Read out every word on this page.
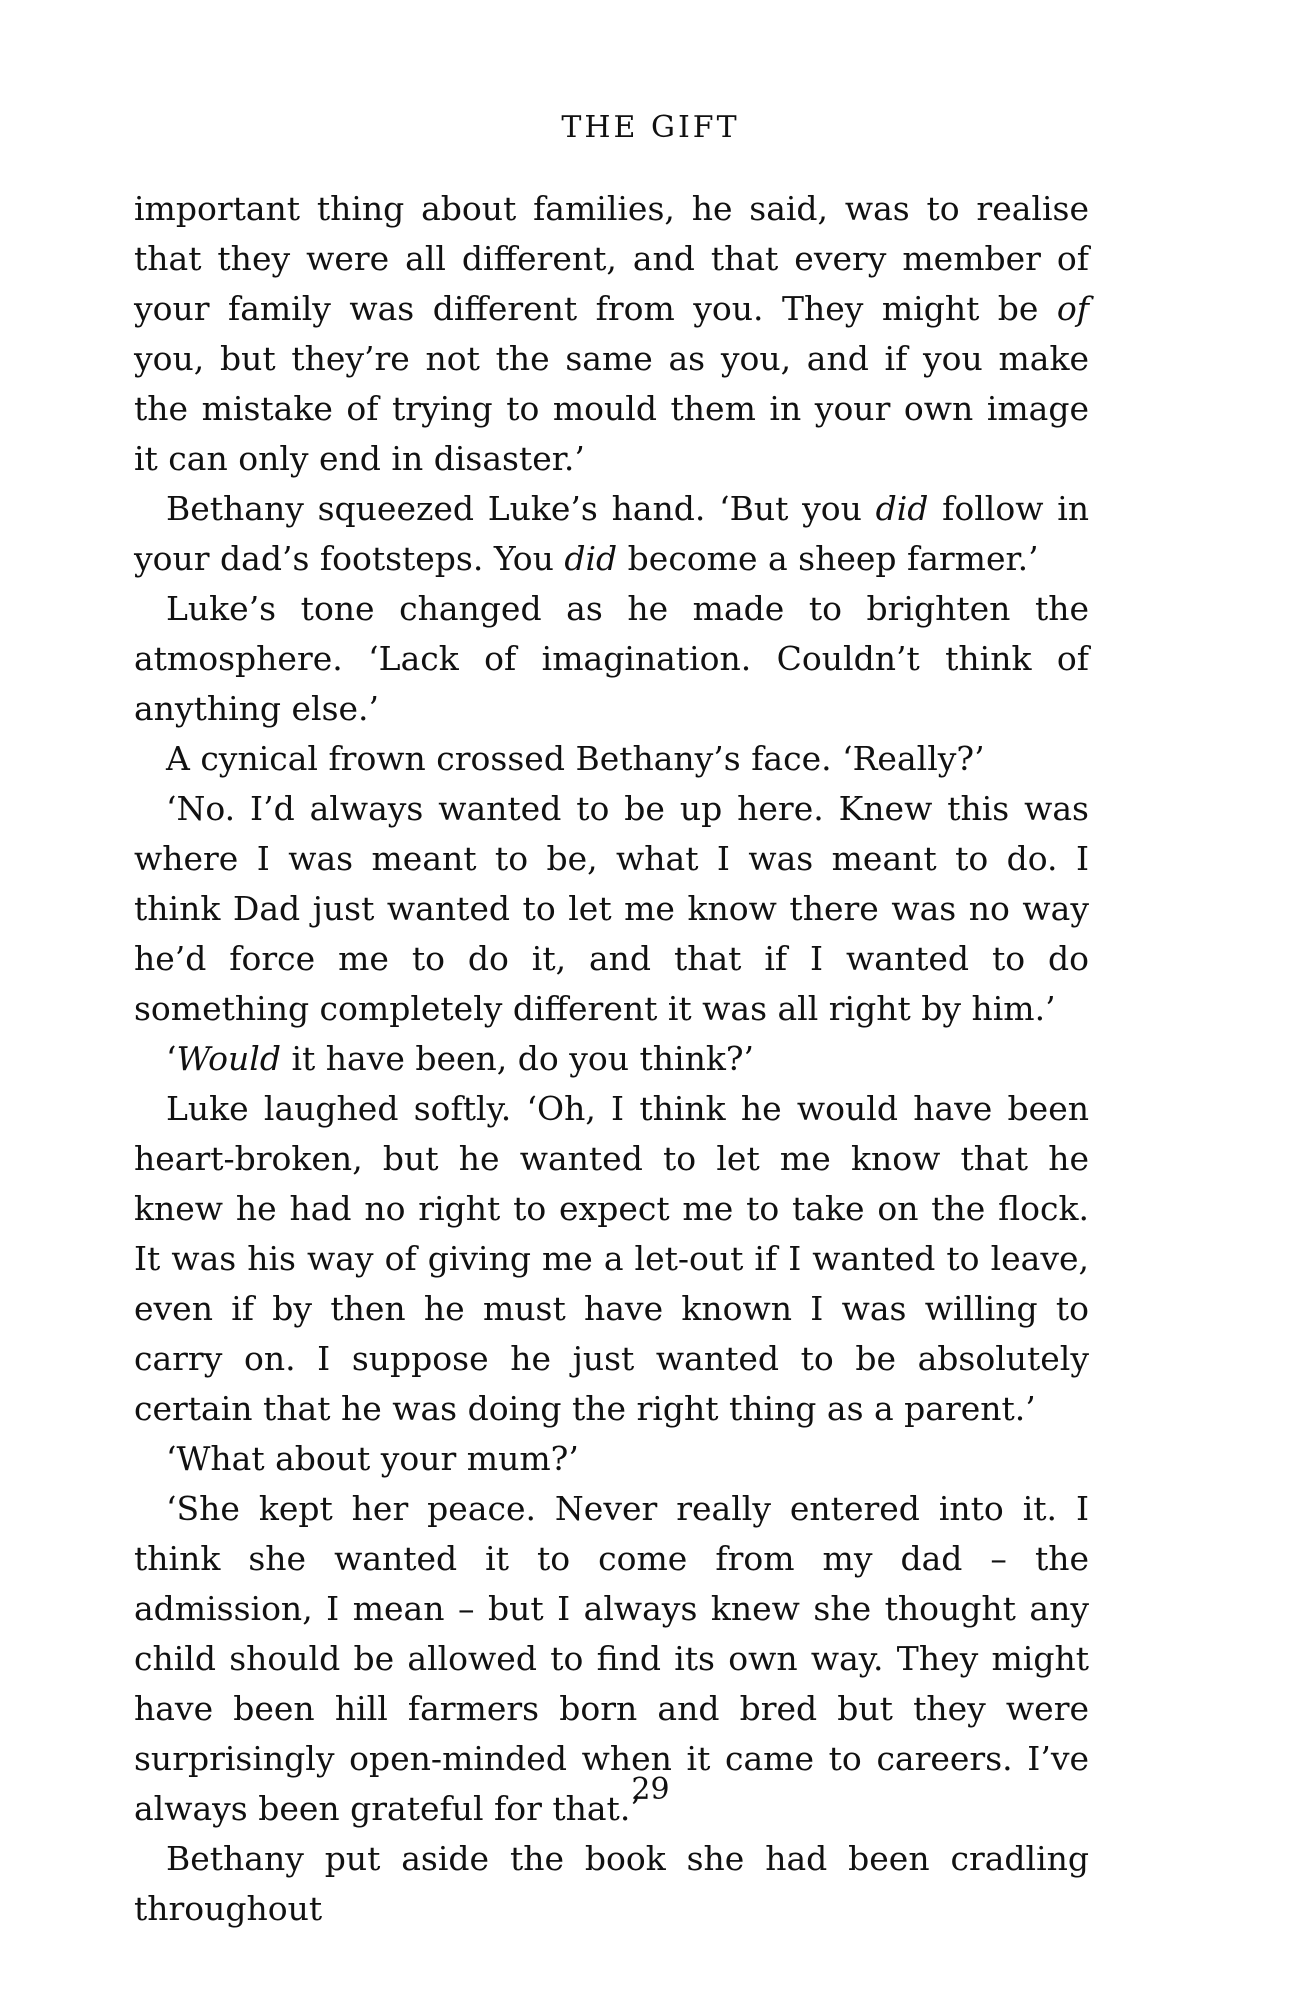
THE GIFT

important thing about families, he said, was to realise that they were all different, and that every member of your family was different from you. They might be of you, but they’re not the same as you, and if you make the mistake of trying to mould them in your own image it can only end in disaster.’

Bethany squeezed Luke’s hand. ‘But you did follow in your dad’s footsteps. You did become a sheep farmer.’

Luke’s tone changed as he made to brighten the atmosphere. ‘Lack of imagination. Couldn’t think of anything else.’

A cynical frown crossed Bethany’s face. ‘Really?’

‘No. I’d always wanted to be up here. Knew this was where I was meant to be, what I was meant to do. I think Dad just wanted to let me know there was no way he’d force me to do it, and that if I wanted to do something completely different it was all right by him.’

‘Would it have been, do you think?’

Luke laughed softly. ‘Oh, I think he would have been heart-broken, but he wanted to let me know that he knew he had no right to expect me to take on the flock. It was his way of giving me a let-out if I wanted to leave, even if by then he must have known I was willing to carry on. I suppose he just wanted to be absolutely certain that he was doing the right thing as a parent.’

‘What about your mum?’

‘She kept her peace. Never really entered into it. I think she wanted it to come from my dad – the admission, I mean – but I always knew she thought any child should be allowed to find its own way. They might have been hill farmers born and bred but they were surprisingly open-minded when it came to careers. I’ve always been grateful for that.’

Bethany put aside the book she had been cradling throughout

29
